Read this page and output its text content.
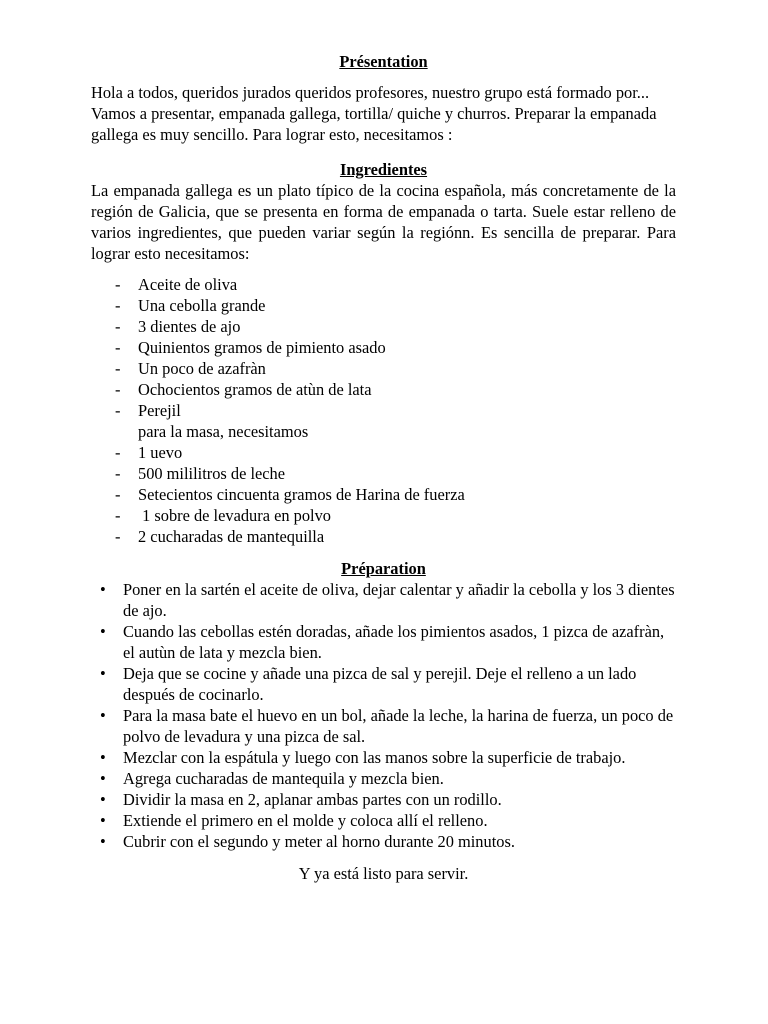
Présentation

Hola a todos, queridos jurados queridos profesores, nuestro grupo está formado por... Vamos a presentar, empanada gallega, tortilla/ quiche y churros. Preparar la empanada gallega es muy sencillo. Para lograr esto, necesitamos :

Ingredientes

La empanada gallega es un plato típico de la cocina española, más concretamente de la región de Galicia, que se presenta en forma de empanada o tarta. Suele estar relleno de varios ingredientes, que pueden variar según la regiónn. Es sencilla de preparar. Para lograr esto necesitamos:

- Aceite de oliva
- Una cebolla grande
- 3 dientes de ajo
- Quinientos gramos de pimiento asado
- Un poco de azafràn
- Ochocientos gramos de atùn de lata
- Perejil
para la masa, necesitamos
- 1 uevo
- 500 mililitros de leche
- Setecientos cincuenta gramos de Harina de fuerza
-  1 sobre de levadura en polvo
- 2 cucharadas de mantequilla
Préparation
• Poner en la sartén el aceite de oliva, dejar calentar y añadir la cebolla y los 3 dientes de ajo.
• Cuando las cebollas estén doradas, añade los pimientos asados, 1 pizca de azafràn, el autùn de lata y mezcla bien.
• Deja que se cocine y añade una pizca de sal y perejil. Deje el relleno a un lado después de cocinarlo.
• Para la masa bate el huevo en un bol, añade la leche, la harina de fuerza, un poco de polvo de levadura y una pizca de sal.
• Mezclar con la espátula y luego con las manos sobre la superficie de trabajo.
• Agrega cucharadas de mantequila y mezcla bien.
• Dividir la masa en 2, aplanar ambas partes con un rodillo.
• Extiende el primero en el molde y coloca allí el relleno.
• Cubrir con el segundo y meter al horno durante 20 minutos.

Y ya está listo para servir.
